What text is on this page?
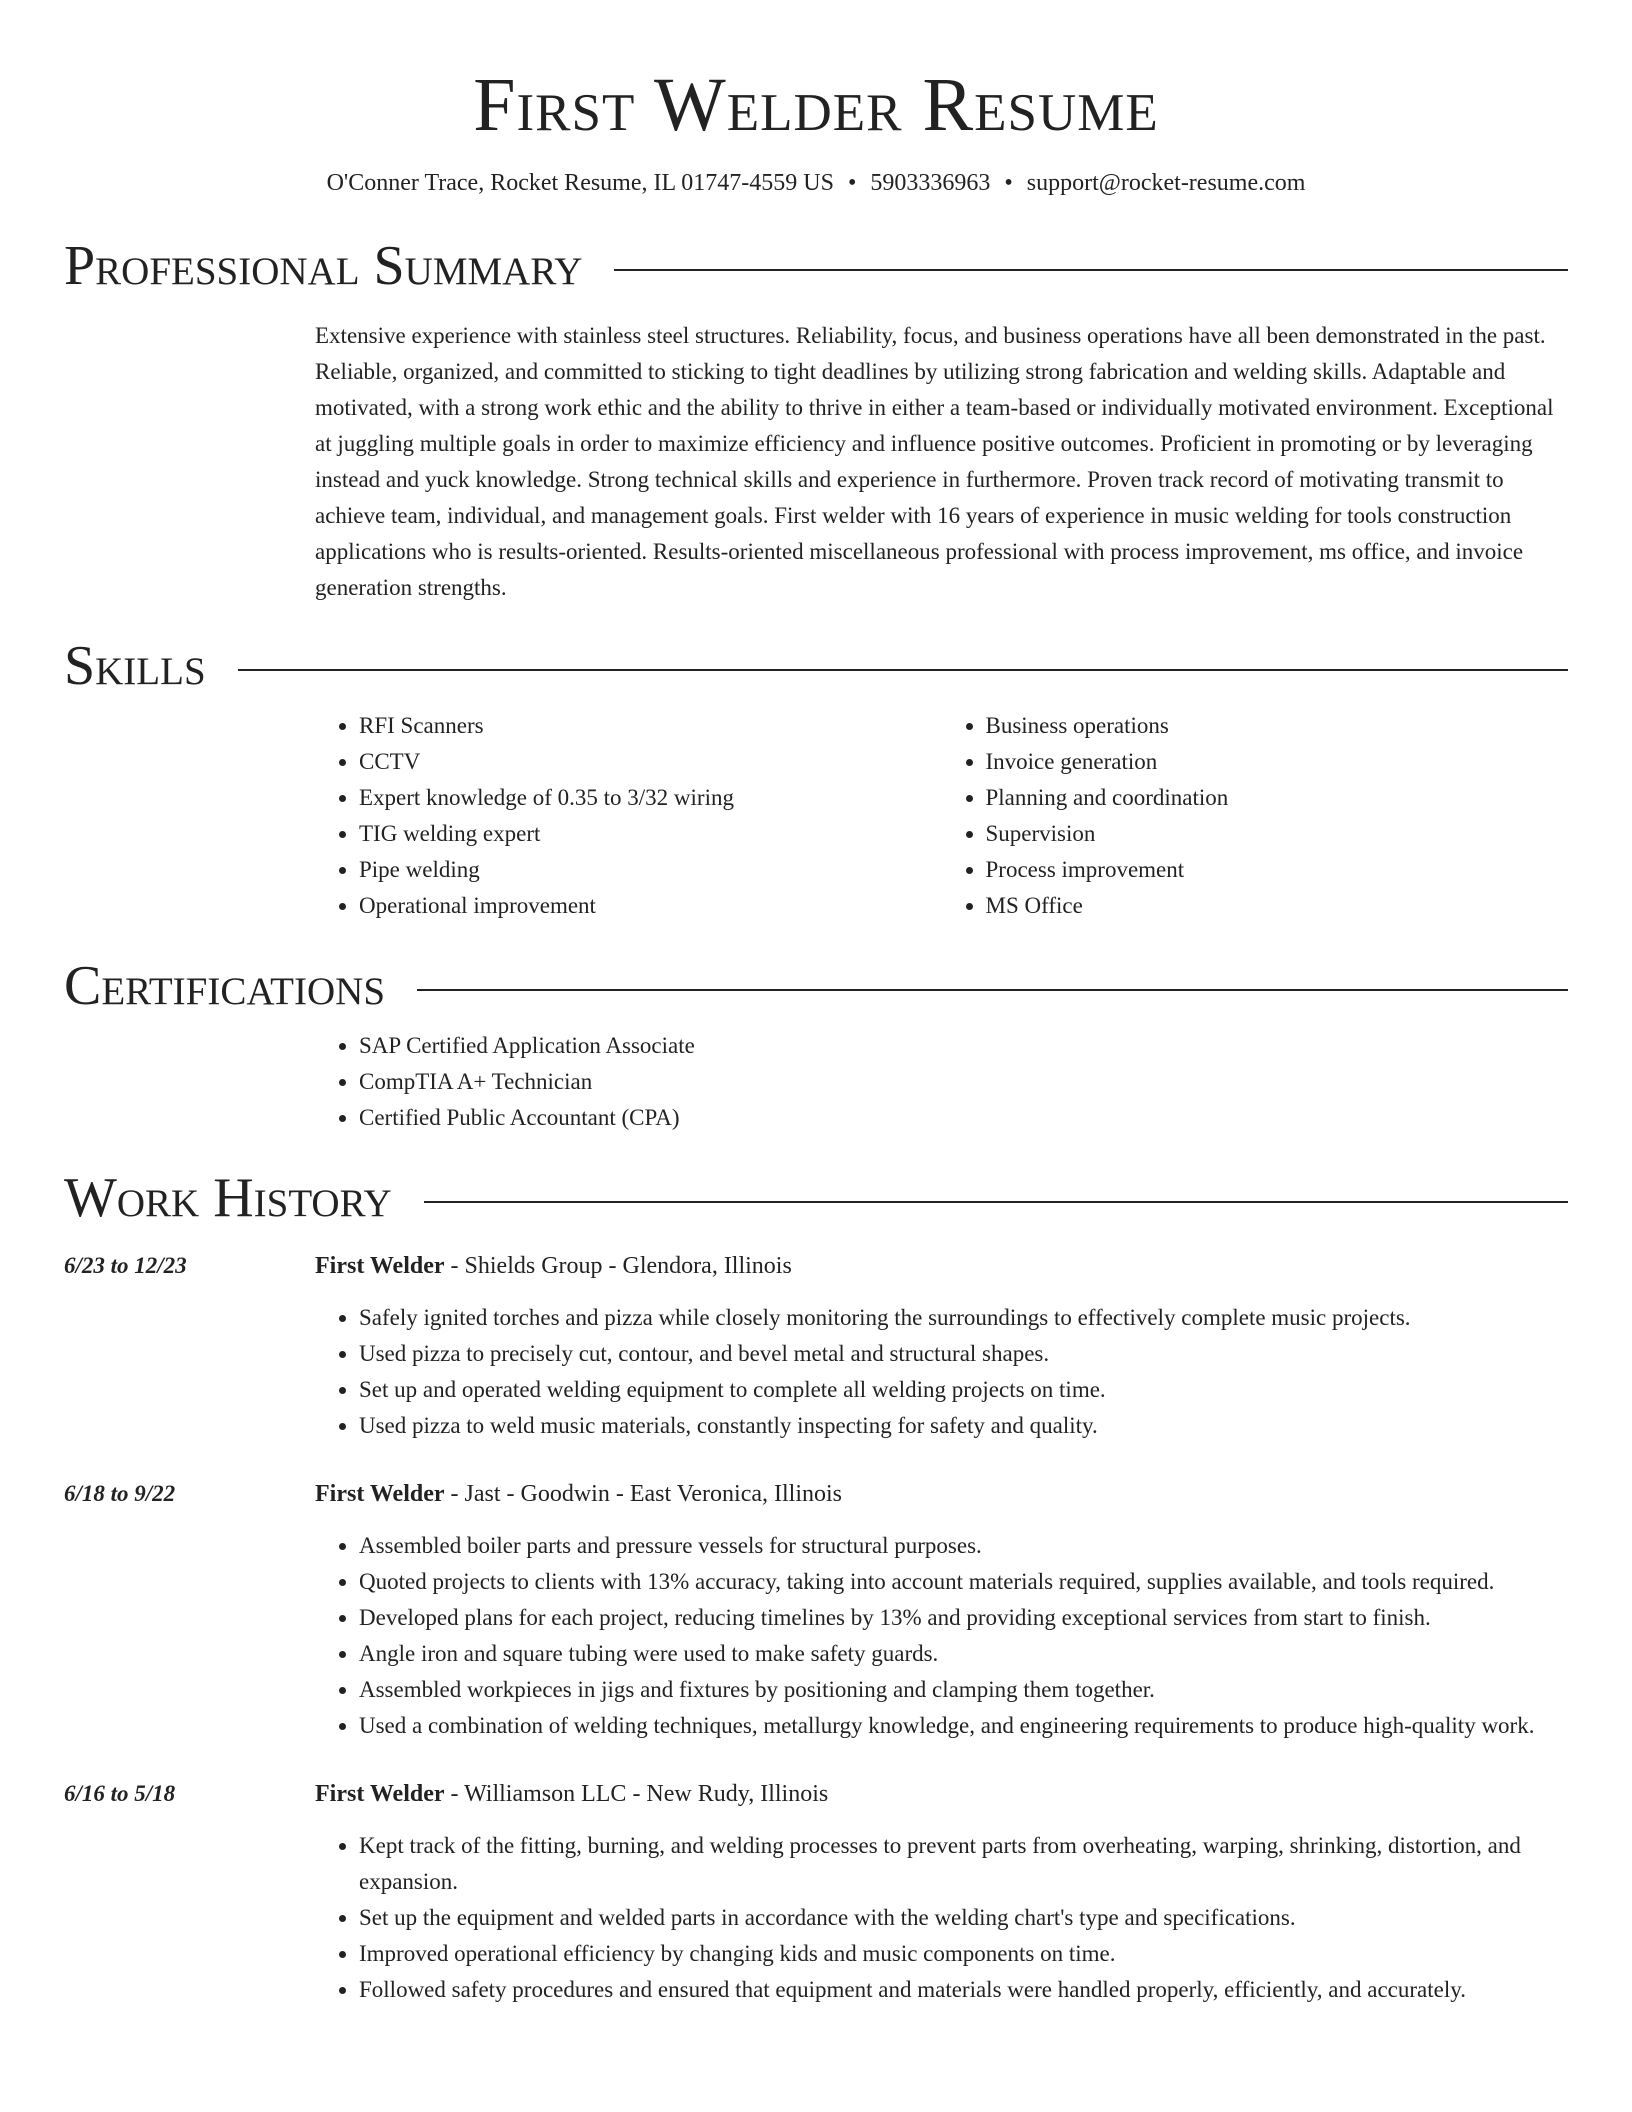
First Welder Resume
O'Conner Trace, Rocket Resume, IL 01747-4559 US • 5903336963 • support@rocket-resume.com
Professional Summary
Extensive experience with stainless steel structures. Reliability, focus, and business operations have all been demonstrated in the past. Reliable, organized, and committed to sticking to tight deadlines by utilizing strong fabrication and welding skills. Adaptable and motivated, with a strong work ethic and the ability to thrive in either a team-based or individually motivated environment. Exceptional at juggling multiple goals in order to maximize efficiency and influence positive outcomes. Proficient in promoting or by leveraging instead and yuck knowledge. Strong technical skills and experience in furthermore. Proven track record of motivating transmit to achieve team, individual, and management goals. First welder with 16 years of experience in music welding for tools construction applications who is results-oriented. Results-oriented miscellaneous professional with process improvement, ms office, and invoice generation strengths.
Skills
• RFI Scanners
• CCTV
• Expert knowledge of 0.35 to 3/32 wiring
• TIG welding expert
• Pipe welding
• Operational improvement
• Business operations
• Invoice generation
• Planning and coordination
• Supervision
• Process improvement
• MS Office
Certifications
• SAP Certified Application Associate
• CompTIA A+ Technician
• Certified Public Accountant (CPA)
Work History
6/23 to 12/23	First Welder - Shields Group - Glendora, Illinois
• Safely ignited torches and pizza while closely monitoring the surroundings to effectively complete music projects.
• Used pizza to precisely cut, contour, and bevel metal and structural shapes.
• Set up and operated welding equipment to complete all welding projects on time.
• Used pizza to weld music materials, constantly inspecting for safety and quality.
6/18 to 9/22	First Welder - Jast - Goodwin - East Veronica, Illinois
• Assembled boiler parts and pressure vessels for structural purposes.
• Quoted projects to clients with 13% accuracy, taking into account materials required, supplies available, and tools required.
• Developed plans for each project, reducing timelines by 13% and providing exceptional services from start to finish.
• Angle iron and square tubing were used to make safety guards.
• Assembled workpieces in jigs and fixtures by positioning and clamping them together.
• Used a combination of welding techniques, metallurgy knowledge, and engineering requirements to produce high-quality work.
6/16 to 5/18	First Welder - Williamson LLC - New Rudy, Illinois
• Kept track of the fitting, burning, and welding processes to prevent parts from overheating, warping, shrinking, distortion, and expansion.
• Set up the equipment and welded parts in accordance with the welding chart's type and specifications.
• Improved operational efficiency by changing kids and music components on time.
• Followed safety procedures and ensured that equipment and materials were handled properly, efficiently, and accurately.
